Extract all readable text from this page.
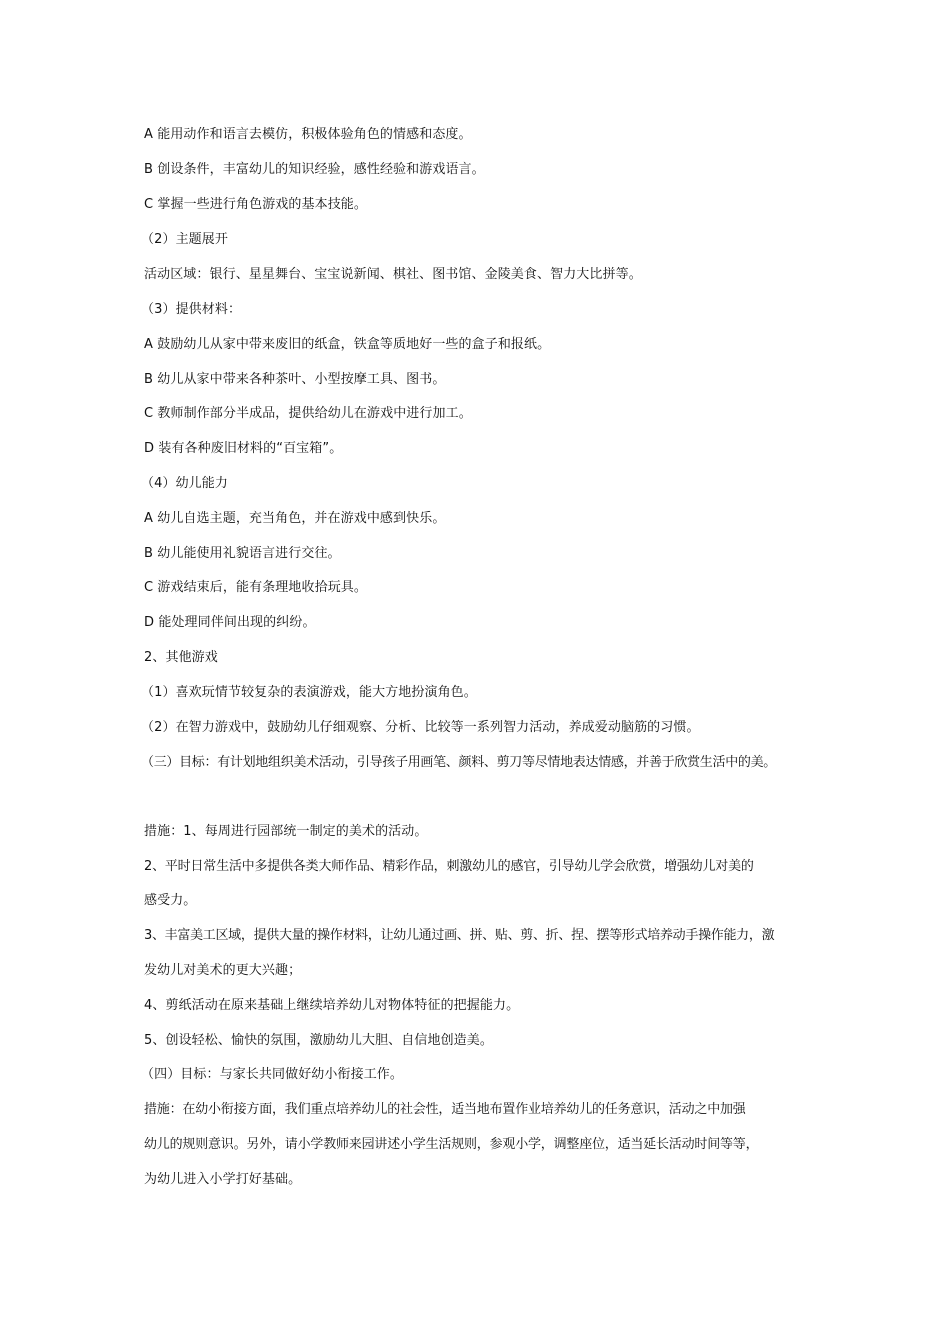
A 能用动作和语言去模仿，积极体验角色的情感和态度。
B 创设条件，丰富幼儿的知识经验，感性经验和游戏语言。
C 掌握一些进行角色游戏的基本技能。
（2）主题展开
活动区域：银行、星星舞台、宝宝说新闻、棋社、图书馆、金陵美食、智力大比拼等。
（3）提供材料：
A 鼓励幼儿从家中带来废旧的纸盒，铁盒等质地好一些的盒子和报纸。
B 幼儿从家中带来各种茶叶、小型按摩工具、图书。
C 教师制作部分半成品，提供给幼儿在游戏中进行加工。
D 装有各种废旧材料的“百宝箱”。
（4）幼儿能力
A 幼儿自选主题，充当角色，并在游戏中感到快乐。
B 幼儿能使用礼貌语言进行交往。
C 游戏结束后，能有条理地收拾玩具。
D 能处理同伴间出现的纠纷。
2、其他游戏
（1）喜欢玩情节较复杂的表演游戏，能大方地扮演角色。
（2）在智力游戏中，鼓励幼儿仔细观察、分析、比较等一系列智力活动，养成爱动脑筋的习惯。
（三）目标：有计划地组织美术活动，引导孩子用画笔、颜料、剪刀等尽情地表达情感，并善于欣赏生活中的美。
措施：1、每周进行园部统一制定的美术的活动。
2、平时日常生活中多提供各类大师作品、精彩作品，刺激幼儿的感官，引导幼儿学会欣赏，增强幼儿对美的
感受力。
3、丰富美工区域，提供大量的操作材料，让幼儿通过画、拼、贴、剪、折、捏、摆等形式培养动手操作能力，激
发幼儿对美术的更大兴趣；
4、剪纸活动在原来基础上继续培养幼儿对物体特征的把握能力。
5、创设轻松、愉快的氛围，激励幼儿大胆、自信地创造美。
（四）目标：与家长共同做好幼小衔接工作。
措施：在幼小衔接方面，我们重点培养幼儿的社会性，适当地布置作业培养幼儿的任务意识，活动之中加强
幼儿的规则意识。另外，请小学教师来园讲述小学生活规则，参观小学，调整座位，适当延长活动时间等等，
为幼儿进入小学打好基础。
